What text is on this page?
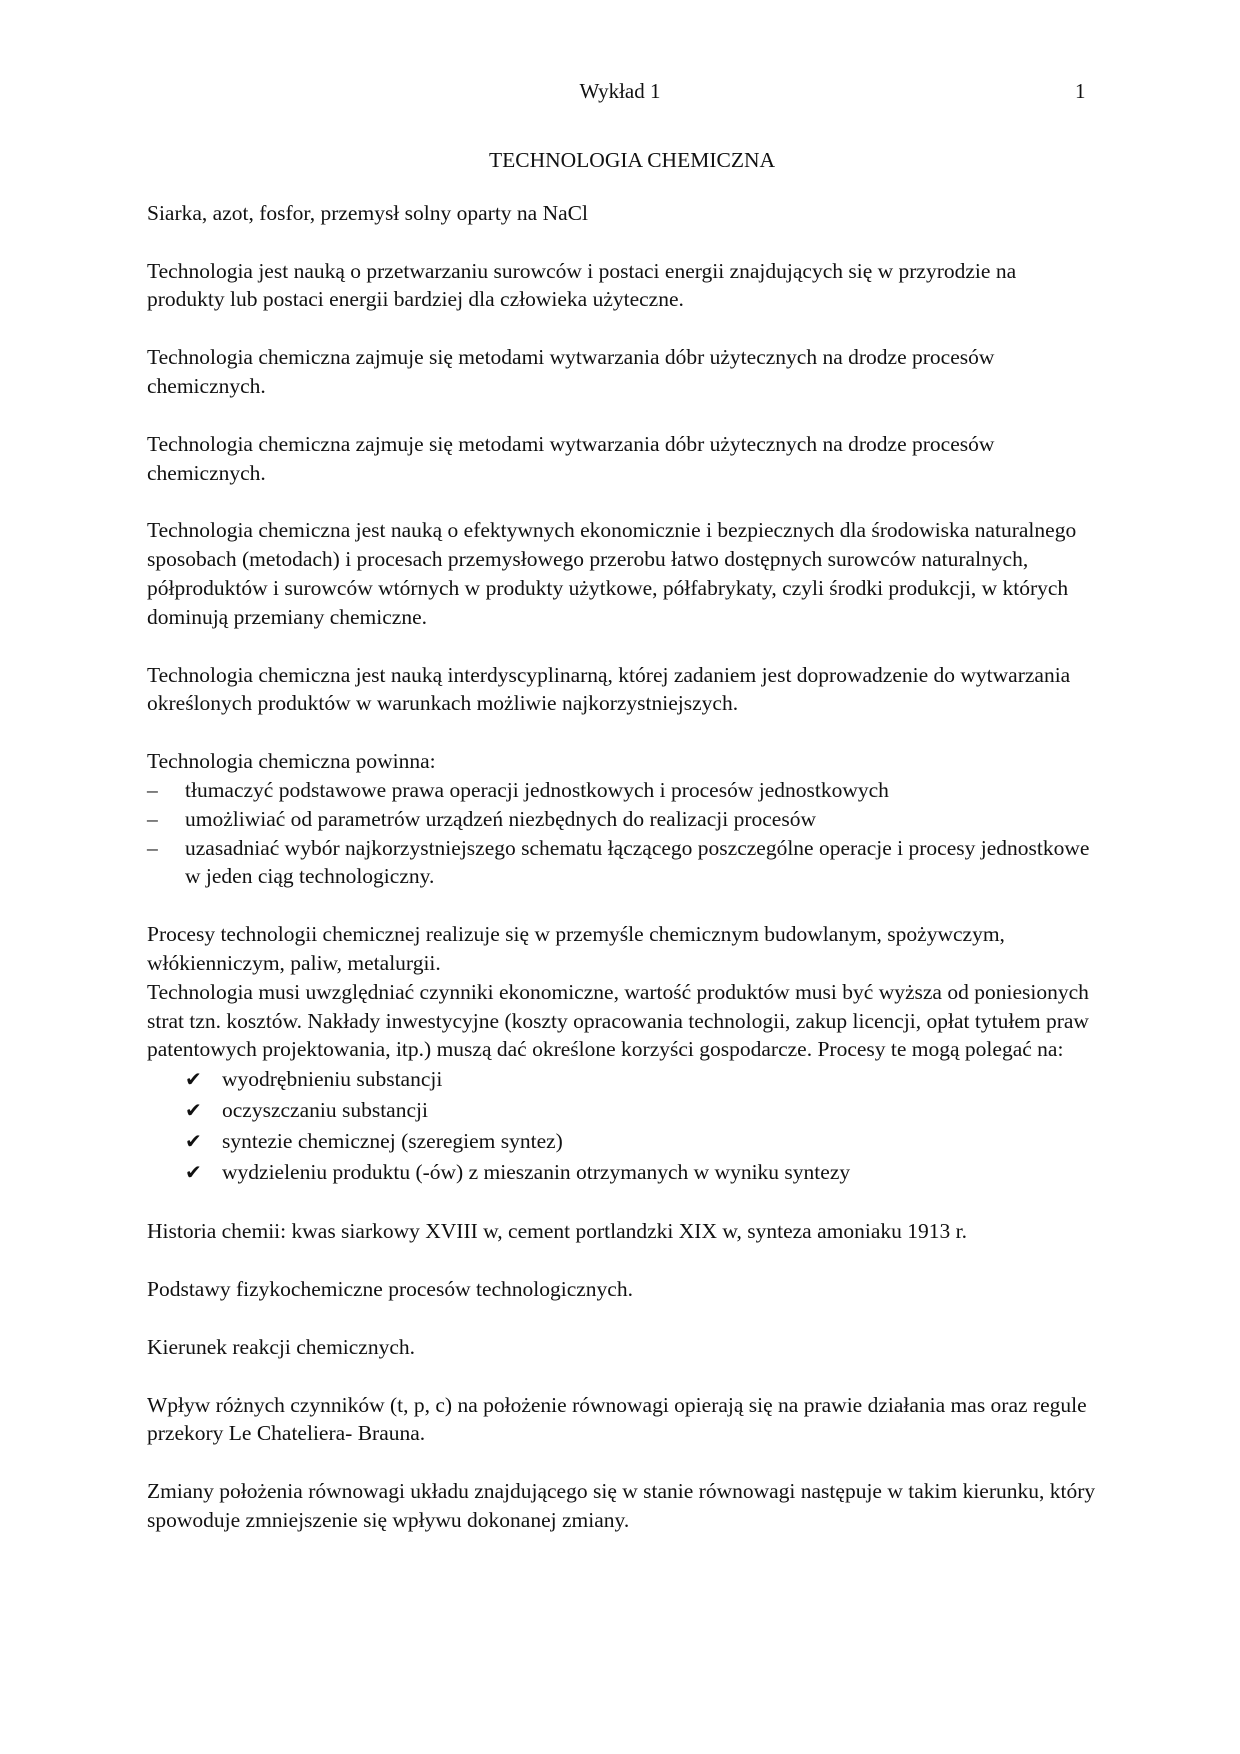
Wykład 1	1
TECHNOLOGIA CHEMICZNA

Siarka, azot, fosfor, przemysł solny oparty na NaCl

Technologia jest nauką o przetwarzaniu surowców i postaci energii znajdujących się w przyrodzie na produkty lub postaci energii bardziej dla człowieka użyteczne.

Technologia chemiczna zajmuje się metodami wytwarzania dóbr użytecznych na drodze procesów chemicznych.

Technologia chemiczna zajmuje się metodami wytwarzania dóbr użytecznych na drodze procesów chemicznych.

Technologia chemiczna jest nauką o efektywnych ekonomicznie i bezpiecznych dla środowiska naturalnego sposobach (metodach) i procesach przemysłowego przerobu łatwo dostępnych surowców naturalnych, półproduktów i surowców wtórnych w produkty użytkowe, półfabrykaty, czyli środki produkcji, w których dominują przemiany chemiczne.

Technologia chemiczna jest nauką interdyscyplinarną, której zadaniem jest doprowadzenie do wytwarzania określonych produktów w warunkach możliwie najkorzystniejszych.

Technologia chemiczna powinna:

– tłumaczyć podstawowe prawa operacji jednostkowych i procesów jednostkowych
– umożliwiać od parametrów urządzeń niezbędnych do realizacji procesów
– uzasadniać wybór najkorzystniejszego schematu łączącego poszczególne operacje i procesy jednostkowe w jeden ciąg technologiczny.

Procesy technologii chemicznej realizuje się w przemyśle chemicznym budowlanym, spożywczym, włókienniczym, paliw, metalurgii.

Technologia musi uwzględniać czynniki ekonomiczne, wartość produktów musi być wyższa od poniesionych strat tzn. kosztów. Nakłady inwestycyjne (koszty opracowania technologii, zakup licencji, opłat tytułem praw patentowych projektowania, itp.) muszą dać określone korzyści gospodarcze. Procesy te mogą polegać na:

✔ wyodrębnieniu substancji
✔ oczyszczaniu substancji
✔ syntezie chemicznej (szeregiem syntez)
✔ wydzieleniu produktu (-ów) z mieszanin otrzymanych w wyniku syntezy

Historia chemii: kwas siarkowy XVIII w, cement portlandzki XIX w, synteza amoniaku 1913 r.

Podstawy fizykochemiczne procesów technologicznych.

Kierunek reakcji chemicznych.

Wpływ różnych czynników (t, p, c) na położenie równowagi opierają się na prawie działania mas oraz regule przekory Le Chateliera- Brauna.

Zmiany położenia równowagi układu znajdującego się w stanie równowagi następuje w takim kierunku, który spowoduje zmniejszenie się wpływu dokonanej zmiany.
